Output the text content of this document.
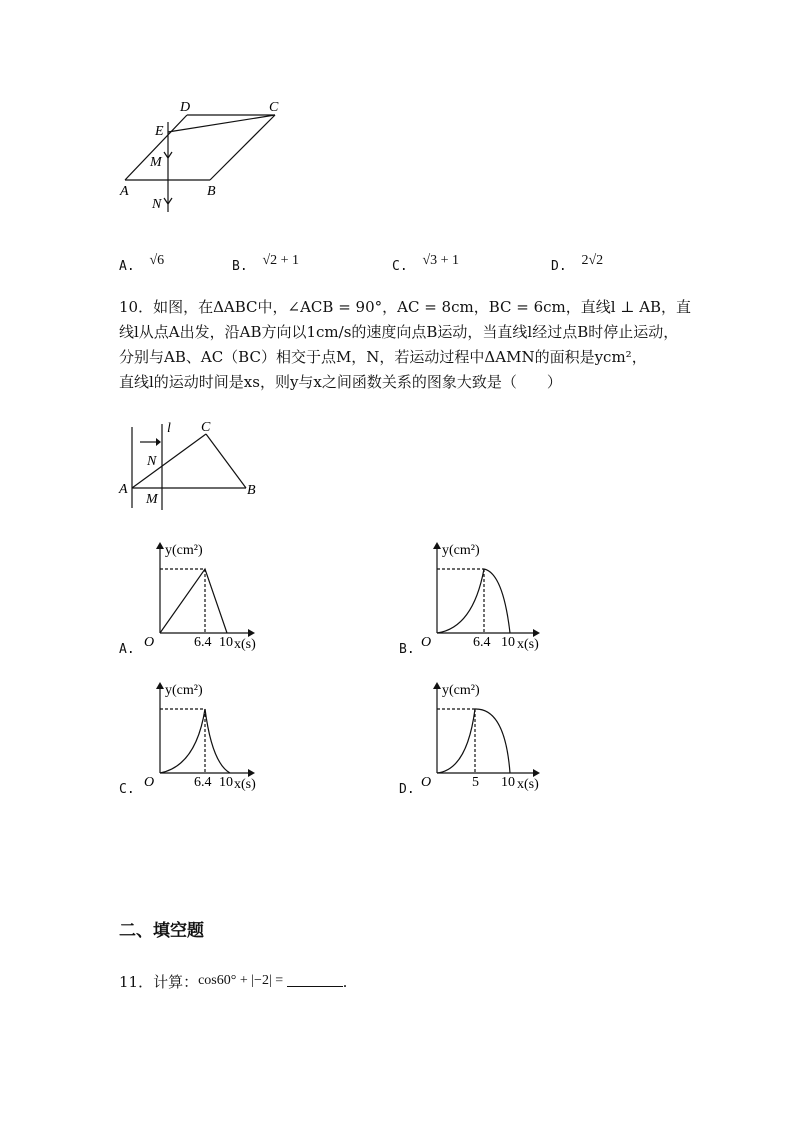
D	C
E
M
A	B
N
A. √6	B. √2 + 1	C. √3 + 1	D. 2√2
10．如图，在ΔABC中，∠ACB = 90°，AC = 8cm，BC = 6cm，直线l ⊥ AB，直
线l从点A出发，沿AB方向以1cm/s的速度向点B运动，当直线l经过点B时停止运动，
分别与AB、AC（BC）相交于点M，N，若运动过程中ΔAMN的面积是ycm²，
直线l的运动时间是xs，则y与x之间函数关系的图象大致是（　　）
l C
N
A
M
B
A.
y(cm²)
O	6.4 10 x(s)	B.
y(cm²)
O	6.4 10 x(s)
C.
y(cm²)
O	6.4 10 x(s)	D.
y(cm²)
O	5 10 x(s)
二、填空题
11．计算：cos60° + |−2| =	.
